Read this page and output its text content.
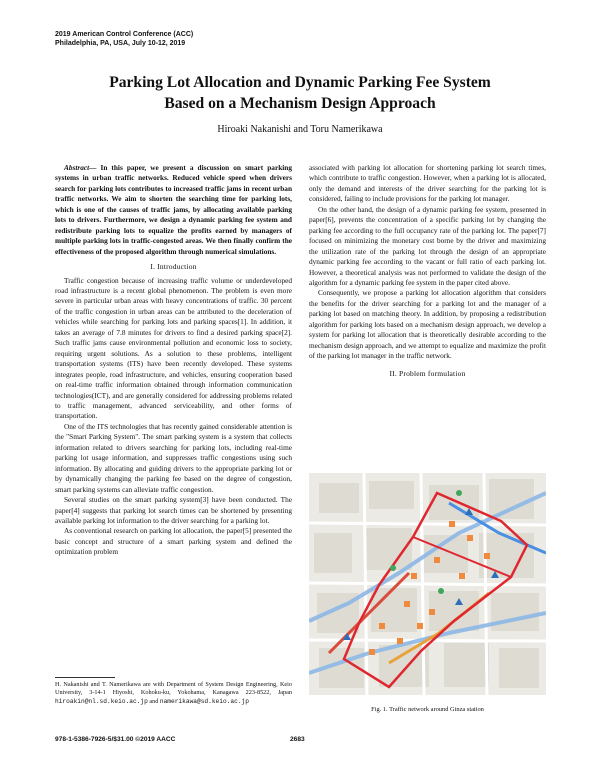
2019 American Control Conference (ACC)
Philadelphia, PA, USA, July 10-12, 2019
Parking Lot Allocation and Dynamic Parking Fee System
Based on a Mechanism Design Approach
Hiroaki Nakanishi and Toru Namerikawa

Abstract— In this paper, we present a discussion on smart parking systems in urban traffic networks. Reduced vehicle speed when drivers search for parking lots contributes to increased traffic jams in recent urban traffic networks. We aim to shorten the searching time for parking lots, which is one of the causes of traffic jams, by allocating available parking lots to drivers. Furthermore, we design a dynamic parking fee system and redistribute parking lots to equalize the profits earned by managers of multiple parking lots in traffic-congested areas. We then finally confirm the effectiveness of the proposed algorithm through numerical simulations.

I. Introduction

Traffic congestion because of increasing traffic volume or underdeveloped road infrastructure is a recent global phenomenon. The problem is even more severe in particular urban areas with heavy concentrations of traffic. 30 percent of the traffic congestion in urban areas can be attributed to the deceleration of vehicles while searching for parking lots and parking spaces[1]. In addition, it takes an average of 7.8 minutes for drivers to find a desired parking space[2]. Such traffic jams cause environmental pollution and economic loss to society, requiring urgent solutions. As a solution to these problems, intelligent transportation systems (ITS) have been recently developed. These systems integrates people, road infrastructure, and vehicles, ensuring cooperation based on real-time traffic information obtained through information communication technologies(ICT), and are generally considered for addressing problems related to traffic management, advanced serviceability, and other forms of transportation.

One of the ITS technologies that has recently gained considerable attention is the "Smart Parking System". The smart parking system is a system that collects information related to drivers searching for parking lots, including real-time parking lot usage information, and suppresses traffic congestions using such information. By allocating and guiding drivers to the appropriate parking lot or by dynamically changing the parking fee based on the degree of congestion, smart parking systems can alleviate traffic congestion.

Several studies on the smart parking system[3] have been conducted. The paper[4] suggests that parking lot search times can be shortened by presenting available parking lot information to the driver searching for a parking lot.

As conventional research on parking lot allocation, the paper[5] presented the basic concept and structure of a smart parking system and defined the optimization problem

H. Nakanishi and T. Namerikawa are with Department of System Design Engineering, Keio University, 3-14-1 Hiyoshi, Kohoku-ku, Yokohama, Kanagawa 223-8522, Japan hiroakin@nl.sd.keio.ac.jp and namerikawa@sd.keio.ac.jp

associated with parking lot allocation for shortening parking lot search times, which contribute to traffic congestion. However, when a parking lot is allocated, only the demand and interests of the driver searching for the parking lot is considered, failing to include provisions for the parking lot manager.

On the other hand, the design of a dynamic parking fee system, presented in paper[6], prevents the concentration of a specific parking lot by changing the parking fee according to the full occupancy rate of the parking lot. The paper[7] focused on minimizing the monetary cost borne by the driver and maximizing the utilization rate of the parking lot through the design of an appropriate dynamic parking fee according to the vacant or full ratio of each parking lot. However, a theoretical analysis was not performed to validate the design of the algorithm for a dynamic parking fee system in the paper cited above.

Consequently, we propose a parking lot allocation algorithm that considers the benefits for the driver searching for a parking lot and the manager of a parking lot based on matching theory. In addition, by proposing a redistribution algorithm for parking lots based on a mechanism design approach, we develop a system for parking lot allocation that is theoretically desirable according to the mechanism design approach, and we attempt to equalize and maximize the profit of the parking lot manager in the traffic network.

II. Problem formulation
Fig. 1. Traffic network around Ginza station
978-1-5386-7926-5/$31.00 ©2019 AACC	2683
